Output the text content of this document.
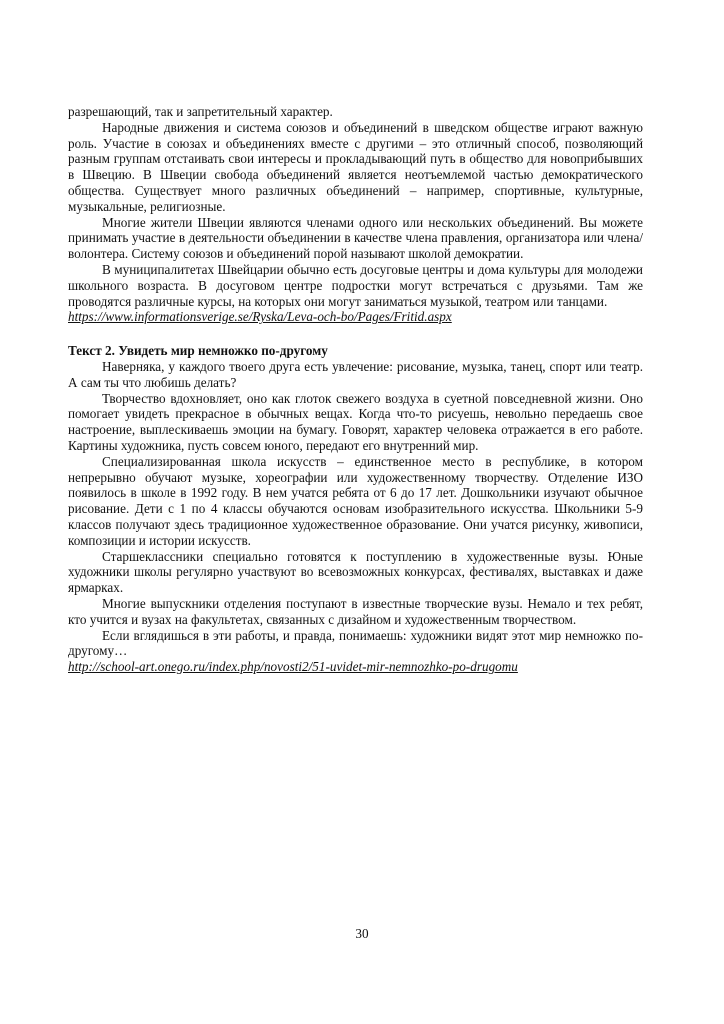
разрешающий, так и запретительный характер.

Народные движения и система союзов и объединений в шведском обществе играют важную роль. Участие в союзах и объединениях вместе с другими – это отличный способ, позволяющий разным группам отстаивать свои интересы и прокладывающий путь в общество для новоприбывших в Швецию. В Швеции свобода объединений является неотъемлемой частью демократического общества. Существует много различных объединений – например, спортивные, культурные, музыкальные, религиозные.

Многие жители Швеции являются членами одного или нескольких объединений. Вы можете принимать участие в деятельности объединении в качестве члена правления, организатора или члена/волонтера. Систему союзов и объединений порой называют школой демократии.

В муниципалитетах Швейцарии обычно есть досуговые центры и дома культуры для молодежи школьного возраста. В досуговом центре подростки могут встречаться с друзьями. Там же проводятся различные курсы, на которых они могут заниматься музыкой, театром или танцами.

https://www.informationsverige.se/Ryska/Leva-och-bo/Pages/Fritid.aspx

Текст 2. Увидеть мир немножко по-другому

Наверняка, у каждого твоего друга есть увлечение: рисование, музыка, танец, спорт или театр. А сам ты что любишь делать?

Творчество вдохновляет, оно как глоток свежего воздуха в суетной повседневной жизни. Оно помогает увидеть прекрасное в обычных вещах. Когда что-то рисуешь, невольно передаешь свое настроение, выплескиваешь эмоции на бумагу. Говорят, характер человека отражается в его работе. Картины художника, пусть совсем юного, передают его внутренний мир.

Специализированная школа искусств – единственное место в республике, в котором непрерывно обучают музыке, хореографии или художественному творчеству. Отделение ИЗО появилось в школе в 1992 году. В нем учатся ребята от 6 до 17 лет. Дошкольники изучают обычное рисование. Дети с 1 по 4 классы обучаются основам изобразительного искусства. Школьники 5-9 классов получают здесь традиционное художественное образование. Они учатся рисунку, живописи, композиции и истории искусств.

Старшеклассники специально готовятся к поступлению в художественные вузы. Юные художники школы регулярно участвуют во всевозможных конкурсах, фестивалях, выставках и даже ярмарках.

Многие выпускники отделения поступают в известные творческие вузы. Немало и тех ребят, кто учится и вузах на факультетах, связанных с дизайном и художественным творчеством.

Если вглядишься в эти работы, и правда, понимаешь: художники видят этот мир немножко по-другому…

http://school-art.onego.ru/index.php/novosti2/51-uvidet-mir-nemnozhko-po-drugomu
30
